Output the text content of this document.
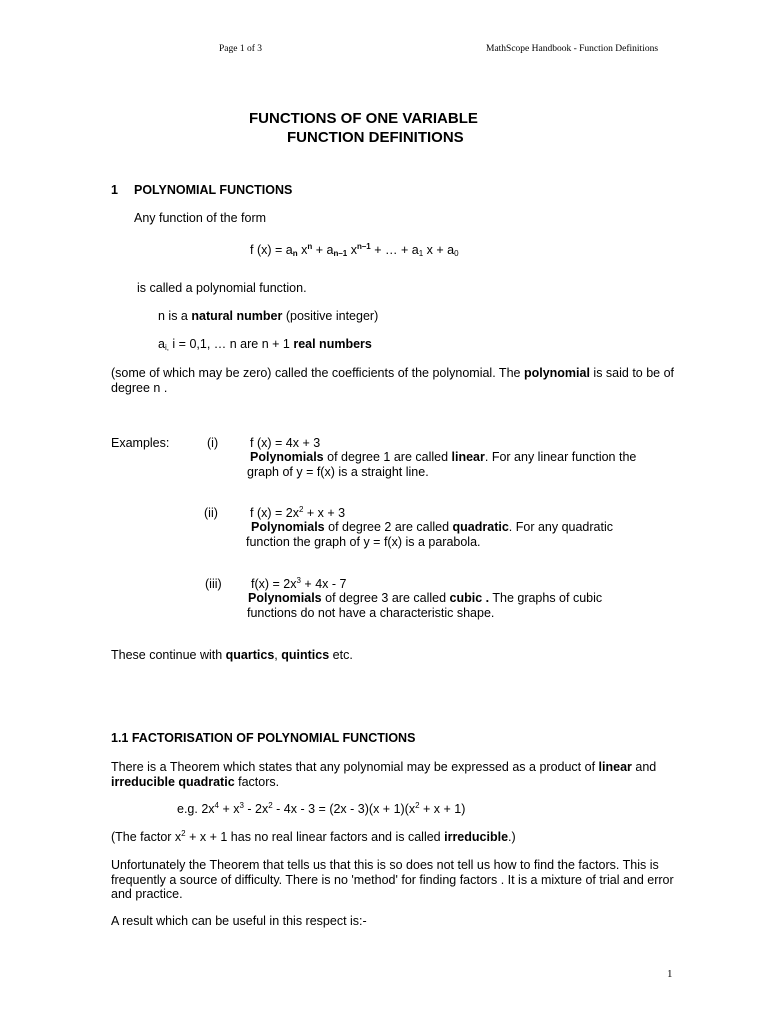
Page 1 of 3	MathScope Handbook - Function Definitions
FUNCTIONS OF ONE VARIABLE
FUNCTION DEFINITIONS
1 POLYNOMIAL FUNCTIONS
Any function of the form
f $(x) = a_n$ $x^n + a_{n-1}$ $x^{n-1}$ + … + $a_1$ $x + a_0$
is called a polynomial function.
n is a natural number (positive integer)
$a_{i,}$ i = 0,1, … n are n + 1 real numbers
(some of which may be zero) called the coefficients of the polynomial. The polynomial is said to be of degree n .
Examples:	(i)	f (x) = 4x + 3
Polynomials of degree 1 are called linear. For any linear function the graph of y = f(x) is a straight line.
(ii)	f $(x) = 2x^2 + x + 3$
Polynomials of degree 2 are called quadratic. For any quadratic function the graph of y = f(x) is a parabola.
(iii) $f(x) = 2x^3 + 4x - 7$
Polynomials of degree 3 are called cubic . The graphs of cubic functions do not have a characteristic shape.
These continue with quartics, quintics etc.
1.1 FACTORISATION OF POLYNOMIAL FUNCTIONS
There is a Theorem which states that any polynomial may be expressed as a product of linear and irreducible quadratic factors.
e.g. $2x^4 + x^3 - 2x^2 - 4x - 3 = (2x - 3)(x + 1)(x^2 + x + 1)$
(The factor $x^2 + x + 1$ has no real linear factors and is called irreducible.)
Unfortunately the Theorem that tells us that this is so does not tell us how to find the factors. This is frequently a source of difficulty. There is no 'method' for finding factors . It is a mixture of trial and error and practice.
A result which can be useful in this respect is:-
1
